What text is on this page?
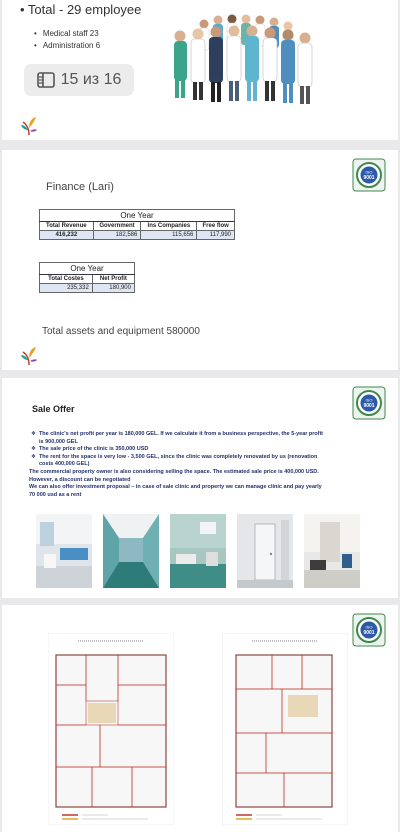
• Total - 29 employee
• Medical staff 23
• Administration 6
15 из 16
ISO
9001
Finance (Lari)
One Year			
Total Revenue	Government	Ins Companies	Free flow
416,232	182,586	115,656	117,990
One Year	
Total Costes	Net Profit
235,332	180,900
Total assets and equipment 580000
ISO
9001
Sale Offer
❖ The clinic's net profit per year is 180,000 GEL. If we calculate it from a business perspective, the 5-year profit is 900,000 GEL
❖ The sale price of the clinic is 350,000 USD
❖ The rent for the space is very low - 3,500 GEL, since the clinic was completely renovated by us (renovation costs 400,000 GEL)
The commercial property owner is also considering selling the space. The estimated sale price is 400,000 USD. However, a discount can be negotiated
We can also offer investment proposal – in case of sale clinic and property we can manage clinic and pay yearly 70 000 usd as a rent
ISO
9001
